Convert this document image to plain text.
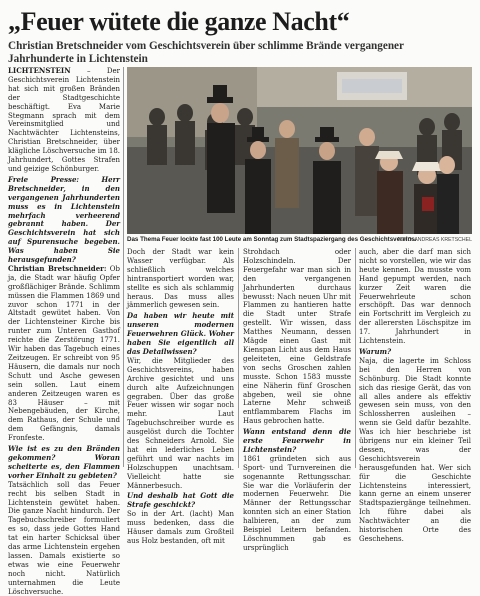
„Feuer wütete die ganze Nacht“
Christian Bretschneider vom Geschichtsverein über schlimme Brände vergangener Jahrhunderte in Lichtenstein

LICHTENSTEIN – Der Geschichtsverein Lichtenstein hat sich mit großen Bränden der Stadtgeschichte beschäftigt. Eva Marie Stegmann sprach mit dem Vereinsmitglied und Nachtwächter Lichtensteins, Christian Bretschneider, über klägliche Löschversuche im 18. Jahrhundert, Gottes Strafen und geizige Schönburger.

Freie Presse: Herr Bretschneider, in den vergangenen Jahrhunderten muss es in Lichtenstein mehrfach verheerend gebrannt haben. Der Geschichtsverein hat sich auf Spurensuche begeben. Was haben Sie herausgefunden?

Christian Bretschneider: Ob ja, die Stadt war häufig Opfer großflächiger Brände. Schlimm müssen die Flammen 1869 und zuvor schon 1771 in der Altstadt gewütet haben. Von der Lichtensteiner Kirche bis runter zum Unteren Gasthof reichte die Zerstörung 1771. Wir haben das Tagebuch eines Zeitzeugen. Er schreibt von 95 Häusern, die damals nur noch Schutt und Asche gewesen sein sollen. Laut einem anderen Zeitzeugen waren es 83 Häuser – mit Nebengebäuden, der Kirche, dem Rathaus, der Schule und dem Gefängnis, damals Fronfeste.

Wie ist es zu den Bränden gekommen? Woran scheiterte es, den Flammen vorher Einhalt zu gebieten?

Tatsächlich soll das Feuer recht bis selben Stadt in Lichtenstein gewütet haben. Die ganze Nacht hindurch. Der Tagebuchschreiber formuliert es so, dass jede Gottes Hand tat ein harter Schicksal über das arme Lichtenstein ergehen lassen. Damals existierte so etwas wie eine Feuerwehr noch nicht. Natürlich unternahmen die Leute Löschversuche.

Das Thema Feuer lockte fast 100 Leute am Sonntag zum Stadtspaziergang des Geschichtsvereins.
FOTO: ANDREAS KRETSCHEL

Doch der Stadt war kein Wasser verfügbar. Als schließlich welches hintransportiert worden war, stellte es sich als schlammig heraus. Das muss alles jämmerlich gewesen sein.

Da haben wir heute mit unseren modernen Feuerwehren Glück. Woher haben Sie eigentlich all das Detailwissen?

Wir, die Mitglieder des Geschichtsvereins, haben Archive gesichtet und uns durch alte Aufzeichnungen gegraben. Über das große Feuer wissen wir sogar noch mehr. Laut Tagebuchschreiber wurde es ausgelöst durch die Tochter des Schneiders Arnold. Sie hat ein lederliches Leben geführt und war nachts im Holzschuppen unachtsam. Vielleicht hatte sie Männerbesuch.

Und deshalb hat Gott die Strafe geschickt?

So in der Art. (lacht) Man muss bedenken, dass die Häuser damals zum Großteil aus Holz bestanden, oft mit

Strohdach oder Holzschindeln. Der Feuergefahr war man sich in den vergangenen Jahrhunderten durchaus bewusst: Nach neuen Uhr mit Flammen zu hantieren hatte die Stadt unter Strafe gestellt. Wir wissen, dass Matthes Neumann, dessen Mägde einen Gast mit Kienspan Licht aus dem Haus geleiteten, eine Geldstrafe von sechs Groschen zahlen musste. Schon 1583 musste eine Näherin fünf Groschen abgeben, weil sie ohne Laterne Mehr schweiß entflammbarem Flachs im Haus gebrochen hatte.

Wann entstand denn die erste Feuerwehr in Lichtenstein?

1861 gründeten sich aus Sport- und Turnvereinen die sogenannte Rettungsschar. Sie war die Vorläuferin der modernen Feuerwehr. Die Männer der Rettungsschar konnten sich an einer Station halbieren, an der zum Beispiel Leitern befanden. Löschnummen gab es ursprünglich

auch, aber die darf man sich nicht so vorstellen, wie wir das heute kennen. Da musste vom Hand gepumpt werden, nach kurzer Zeit waren die Feuerwehrleute schon erschöpft. Das war dennoch ein Fortschritt im Vergleich zu der allerersten Löschspitze im 17. Jahrhundert in Lichtenstein.

Warum?

Naja, die lagerte im Schloss bei den Herren von Schönburg. Die Stadt konnte sich das riesige Gerät, das von all alles andere als effektiv gewesen sein muss, von den Schlossherren ausleihen – wenn sie Geld dafür bezahlte. Was ich hier beschriebe ist übrigens nur ein kleiner Teil dessen, was der Geschichtsverein herausgefunden hat. Wer sich für die Geschichte Lichtensteins interessiert, kann gerne an einem unserer Stadtspaziergänge teilnehmen. Ich führe dabei als Nachtwächter an die historischen Orte des Geschehens.
